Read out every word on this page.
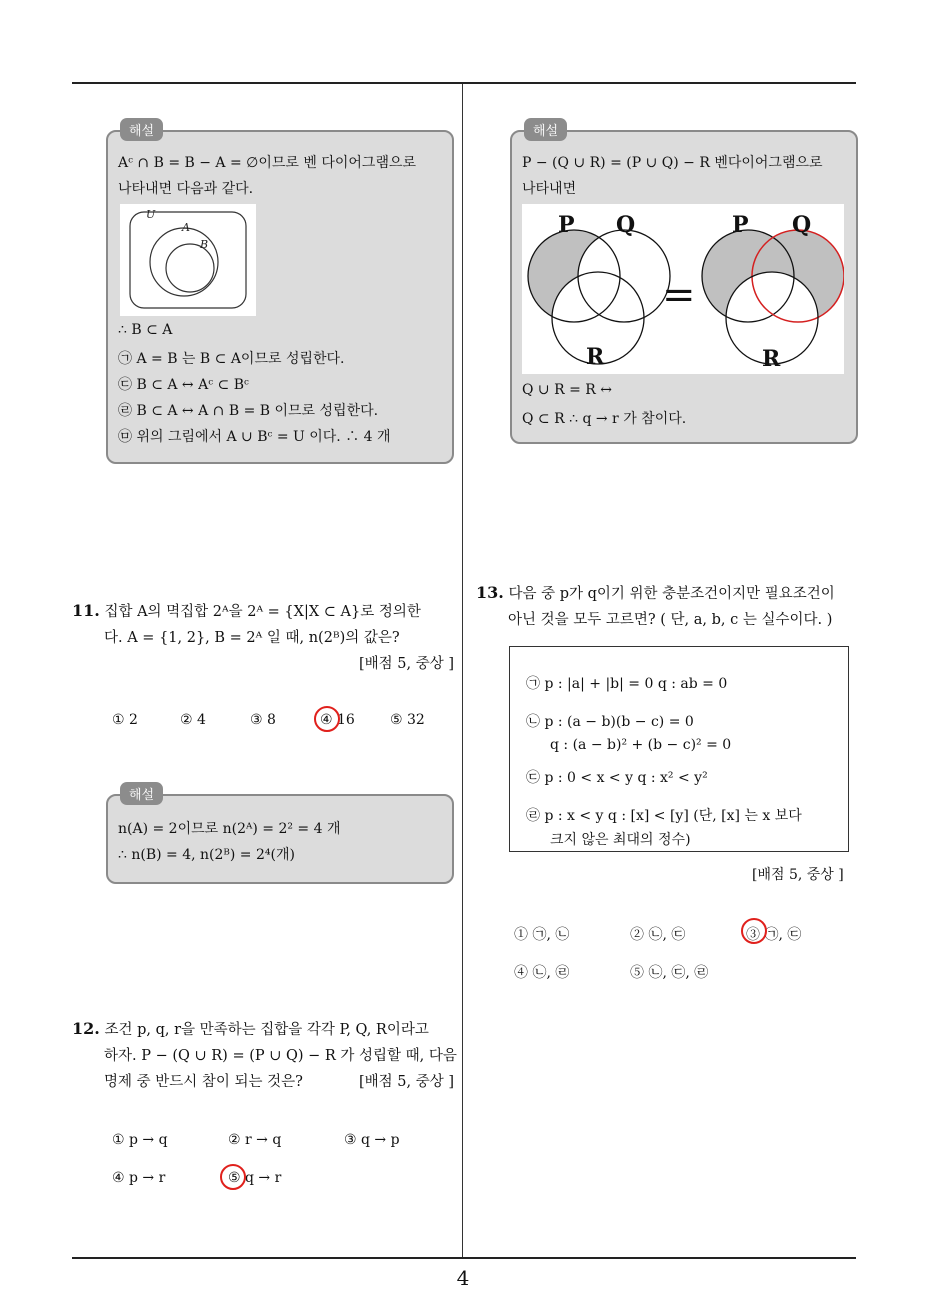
4
해설
Aᶜ ∩ B = B − A = ∅이므로 벤 다이어그램으로
나타내면 다음과 같다.
U
A
B
∴ B ⊂ A
㉠ A = B 는 B ⊂ A이므로 성립한다.
㉢ B ⊂ A ↔ Aᶜ ⊂ Bᶜ
㉣ B ⊂ A ↔ A ∩ B = B 이므로 성립한다.
㉤ 위의 그림에서 A ∪ Bᶜ = U 이다. ∴ 4 개
11. 집합 A의 멱집합 2ᴬ을 2ᴬ = {X|X ⊂ A}로 정의한
다. A = {1, 2}, B = 2ᴬ 일 때, n(2ᴮ)의 값은?
[배점 5, 중상 ]
① 2	② 4	③ 8	④ 16	⑤ 32
해설
n(A) = 2이므로 n(2ᴬ) = 2² = 4 개
∴ n(B) = 4, n(2ᴮ) = 2⁴(개)
12. 조건 p, q, r을 만족하는 집합을 각각 P, Q, R이라고
하자. P − (Q ∪ R) = (P ∪ Q) − R 가 성립할 때, 다음
명제 중 반드시 참이 되는 것은?	[배점 5, 중상 ]
① p → q	② r → q	③ q → p
④ p → r	⑤ q → r
해설
P − (Q ∪ R) = (P ∪ Q) − R 벤다이어그램으로
나타내면
P Q
R
=
P Q
R
Q ∪ R = R ↔
Q ⊂ R ∴ q → r 가 참이다.
13. 다음 중 p가 q이기 위한 충분조건이지만 필요조건이
아닌 것을 모두 고르면? ( 단, a, b, c 는 실수이다. )
㉠ p : |a| + |b| = 0 q : ab = 0
㉡ p : (a − b)(b − c) = 0
q : (a − b)² + (b − c)² = 0
㉢ p : 0 < x < y q : x² < y²
㉣ p : x < y q : [x] < [y] (단, [x] 는 x 보다
크지 않은 최대의 정수)
[배점 5, 중상 ]
① ㉠, ㉡	② ㉡, ㉢	③ ㉠, ㉢
④ ㉡, ㉣	⑤ ㉡, ㉢, ㉣
